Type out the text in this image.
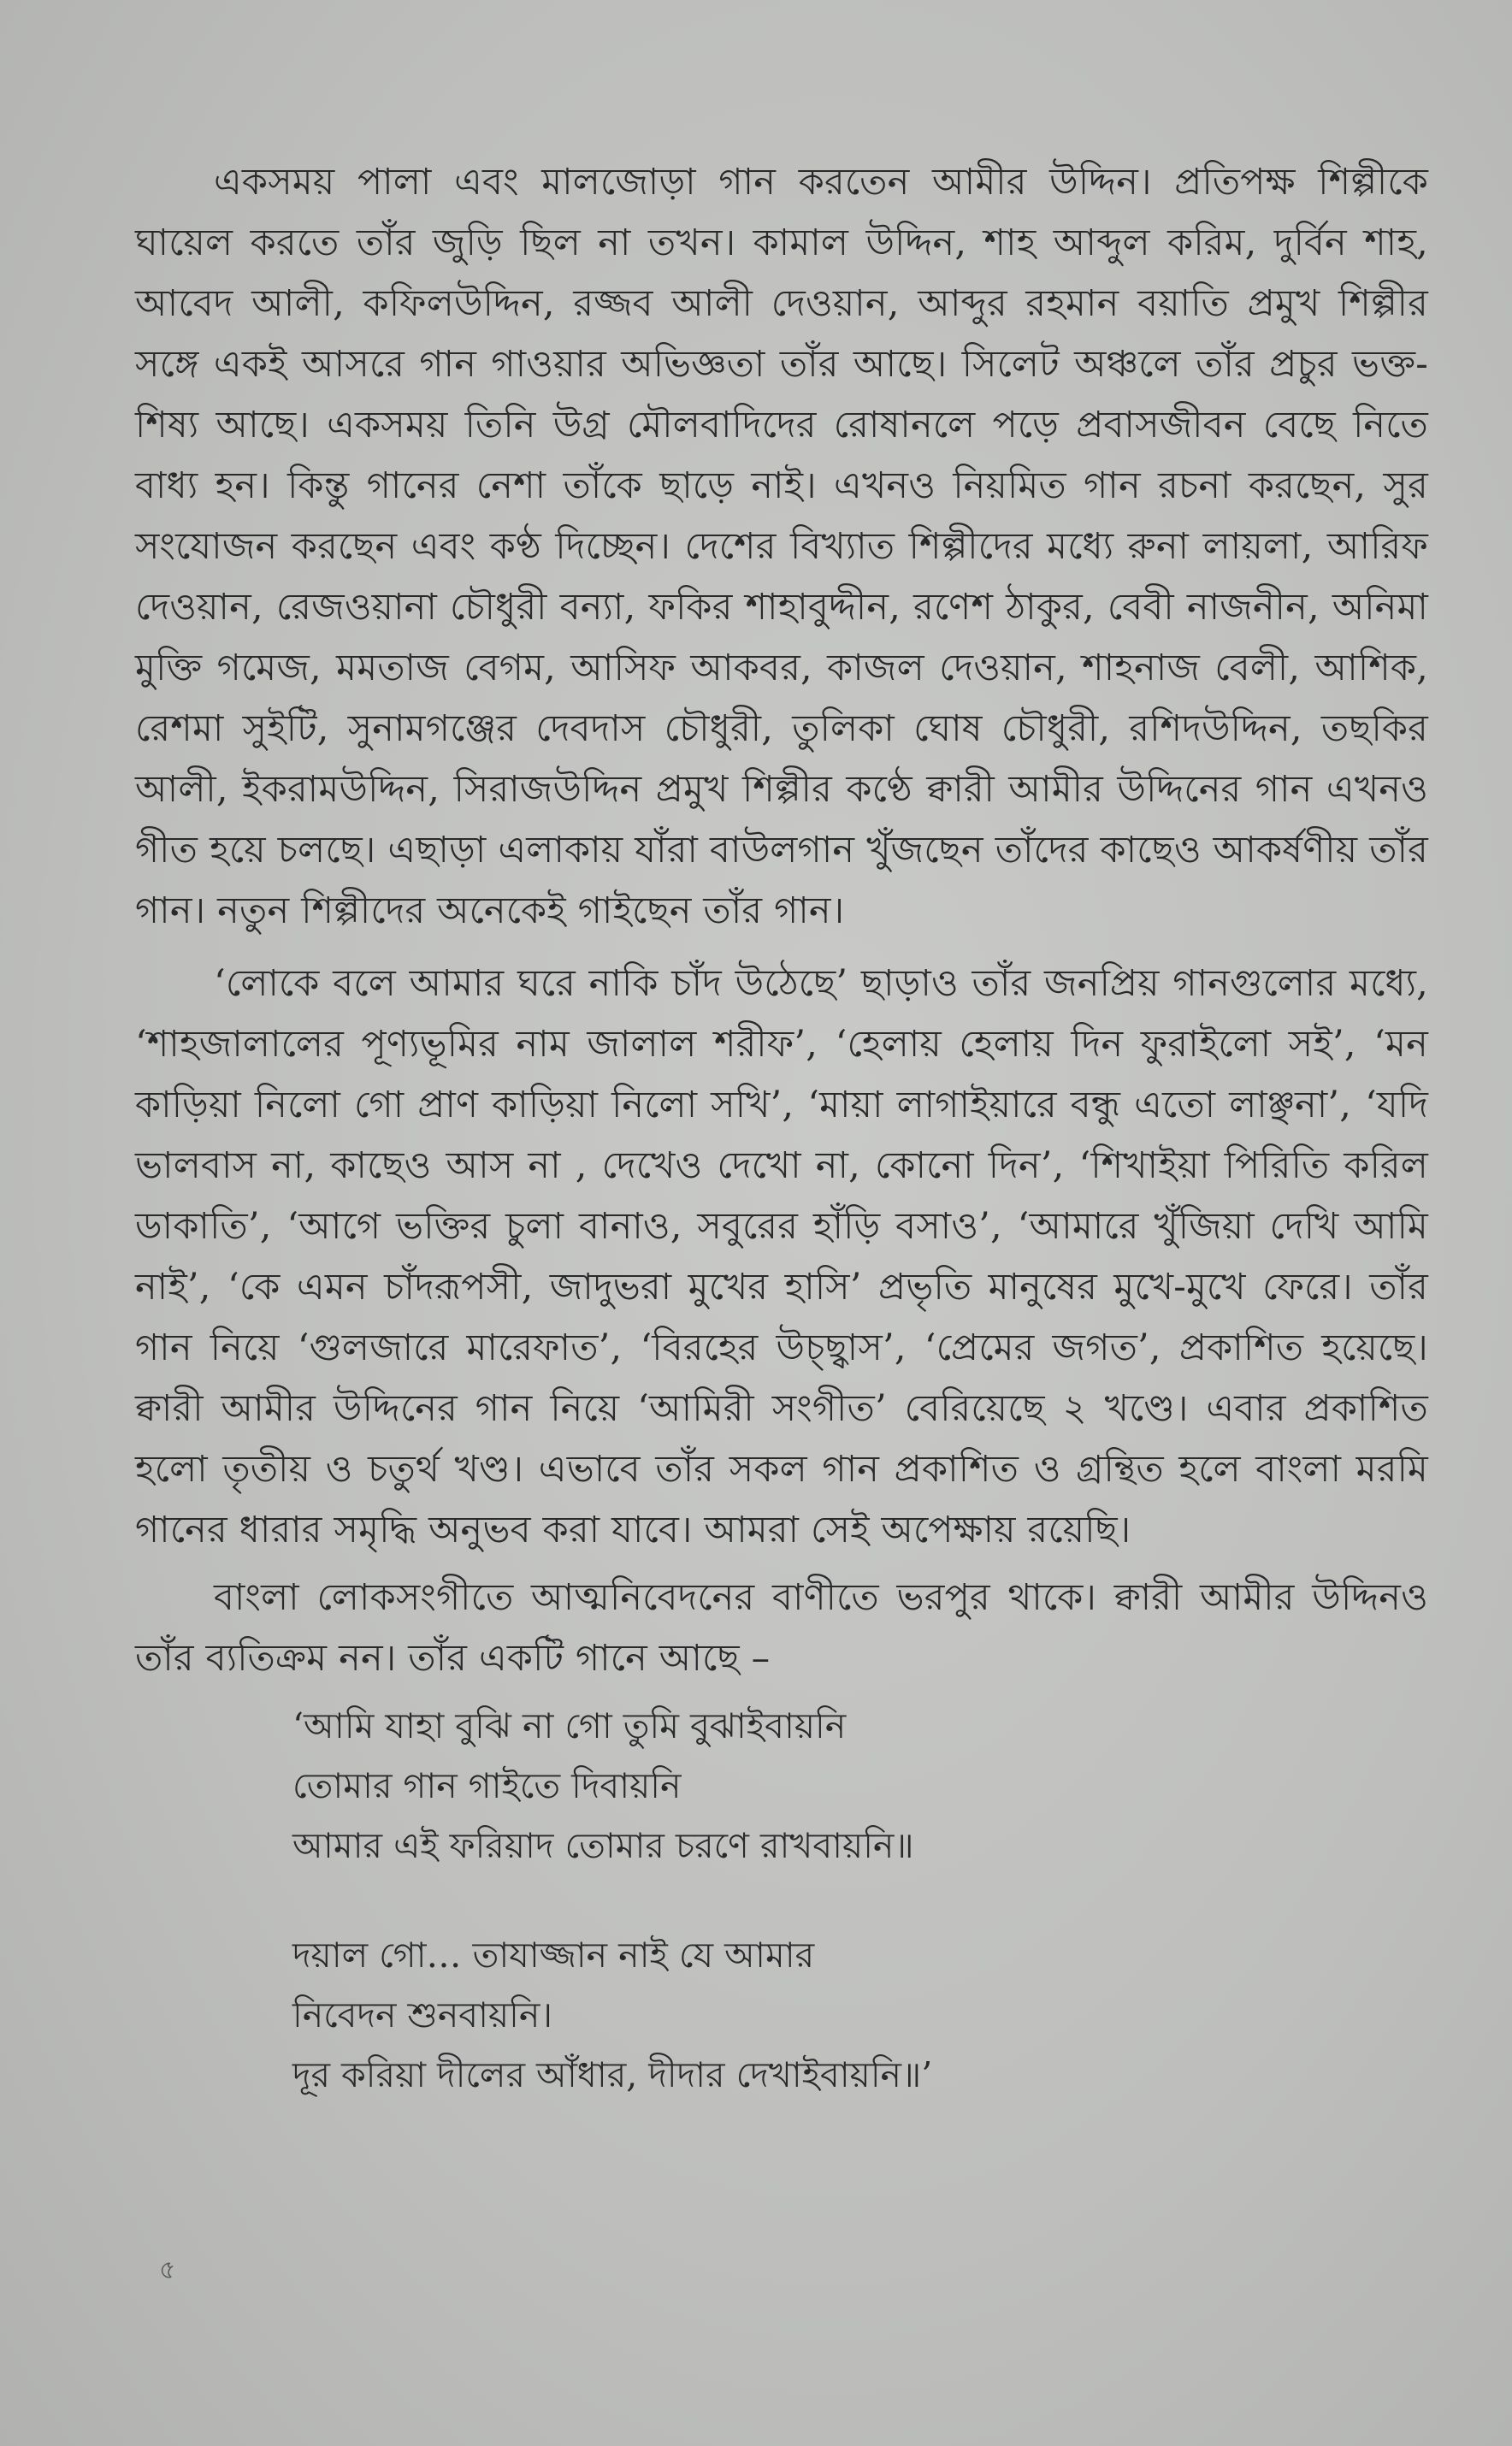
একসময় পালা এবং মালজোড়া গান করতেন আমীর উদ্দিন। প্রতিপক্ষ শিল্পীকে ঘায়েল করতে তাঁর জুড়ি ছিল না তখন। কামাল উদ্দিন, শাহ আব্দুল করিম, দুর্বিন শাহ, আবেদ আলী, কফিলউদ্দিন, রজ্জব আলী দেওয়ান, আব্দুর রহমান বয়াতি প্রমুখ শিল্পীর সঙ্গে একই আসরে গান গাওয়ার অভিজ্ঞতা তাঁর আছে। সিলেট অঞ্চলে তাঁর প্রচুর ভক্ত-শিষ্য আছে। একসময় তিনি উগ্র মৌলবাদিদের রোষানলে পড়ে প্রবাসজীবন বেছে নিতে বাধ্য হন। কিন্তু গানের নেশা তাঁকে ছাড়ে নাই। এখনও নিয়মিত গান রচনা করছেন, সুর সংযোজন করছেন এবং কণ্ঠ দিচ্ছেন। দেশের বিখ্যাত শিল্পীদের মধ্যে রুনা লায়লা, আরিফ দেওয়ান, রেজওয়ানা চৌধুরী বন্যা, ফকির শাহাবুদ্দীন, রণেশ ঠাকুর, বেবী নাজনীন, অনিমা মুক্তি গমেজ, মমতাজ বেগম, আসিফ আকবর, কাজল দেওয়ান, শাহনাজ বেলী, আশিক, রেশমা সুইটি, সুনামগঞ্জের দেবদাস চৌধুরী, তুলিকা ঘোষ চৌধুরী, রশিদউদ্দিন, তছকির আলী, ইকরামউদ্দিন, সিরাজউদ্দিন প্রমুখ শিল্পীর কণ্ঠে ক্বারী আমীর উদ্দিনের গান এখনও গীত হয়ে চলছে। এছাড়া এলাকায় যাঁরা বাউলগান খুঁজছেন তাঁদের কাছেও আকর্ষণীয় তাঁর গান। নতুন শিল্পীদের অনেকেই গাইছেন তাঁর গান।

‘লোকে বলে আমার ঘরে নাকি চাঁদ উঠেছে’ ছাড়াও তাঁর জনপ্রিয় গানগুলোর মধ্যে, ‘শাহজালালের পূণ্যভূমির নাম জালাল শরীফ’, ‘হেলায় হেলায় দিন ফুরাইলো সই’, ‘মন কাড়িয়া নিলো গো প্রাণ কাড়িয়া নিলো সখি’, ‘মায়া লাগাইয়ারে বন্ধু এতো লাঞ্ছনা’, ‘যদি ভালবাস না, কাছেও আস না , দেখেও দেখো না, কোনো দিন’, ‘শিখাইয়া পিরিতি করিল ডাকাতি’, ‘আগে ভক্তির চুলা বানাও, সবুরের হাঁড়ি বসাও’, ‘আমারে খুঁজিয়া দেখি আমি নাই’, ‘কে এমন চাঁদরূপসী, জাদুভরা মুখের হাসি’ প্রভৃতি মানুষের মুখে-মুখে ফেরে। তাঁর গান নিয়ে ‘গুলজারে মারেফাত’, ‘বিরহের উচ্ছ্বাস’, ‘প্রেমের জগত’, প্রকাশিত হয়েছে। ক্বারী আমীর উদ্দিনের গান নিয়ে ‘আমিরী সংগীত’ বেরিয়েছে ২ খণ্ডে। এবার প্রকাশিত হলো তৃতীয় ও চতুর্থ খণ্ড। এভাবে তাঁর সকল গান প্রকাশিত ও গ্রন্থিত হলে বাংলা মরমি গানের ধারার সমৃদ্ধি অনুভব করা যাবে। আমরা সেই অপেক্ষায় রয়েছি।

বাংলা লোকসংগীতে আত্মনিবেদনের বাণীতে ভরপুর থাকে। ক্বারী আমীর উদ্দিনও তাঁর ব্যতিক্রম নন। তাঁর একটি গানে আছে –

‘আমি যাহা বুঝি না গো তুমি বুঝাইবায়নি
তোমার গান গাইতে দিবায়নি
আমার এই ফরিয়াদ তোমার চরণে রাখবায়নি॥
দয়াল গো… তাযাজ্জান নাই যে আমার
নিবেদন শুনবায়নি।
দূর করিয়া দীলের আঁধার, দীদার দেখাইবায়নি॥’
৫
